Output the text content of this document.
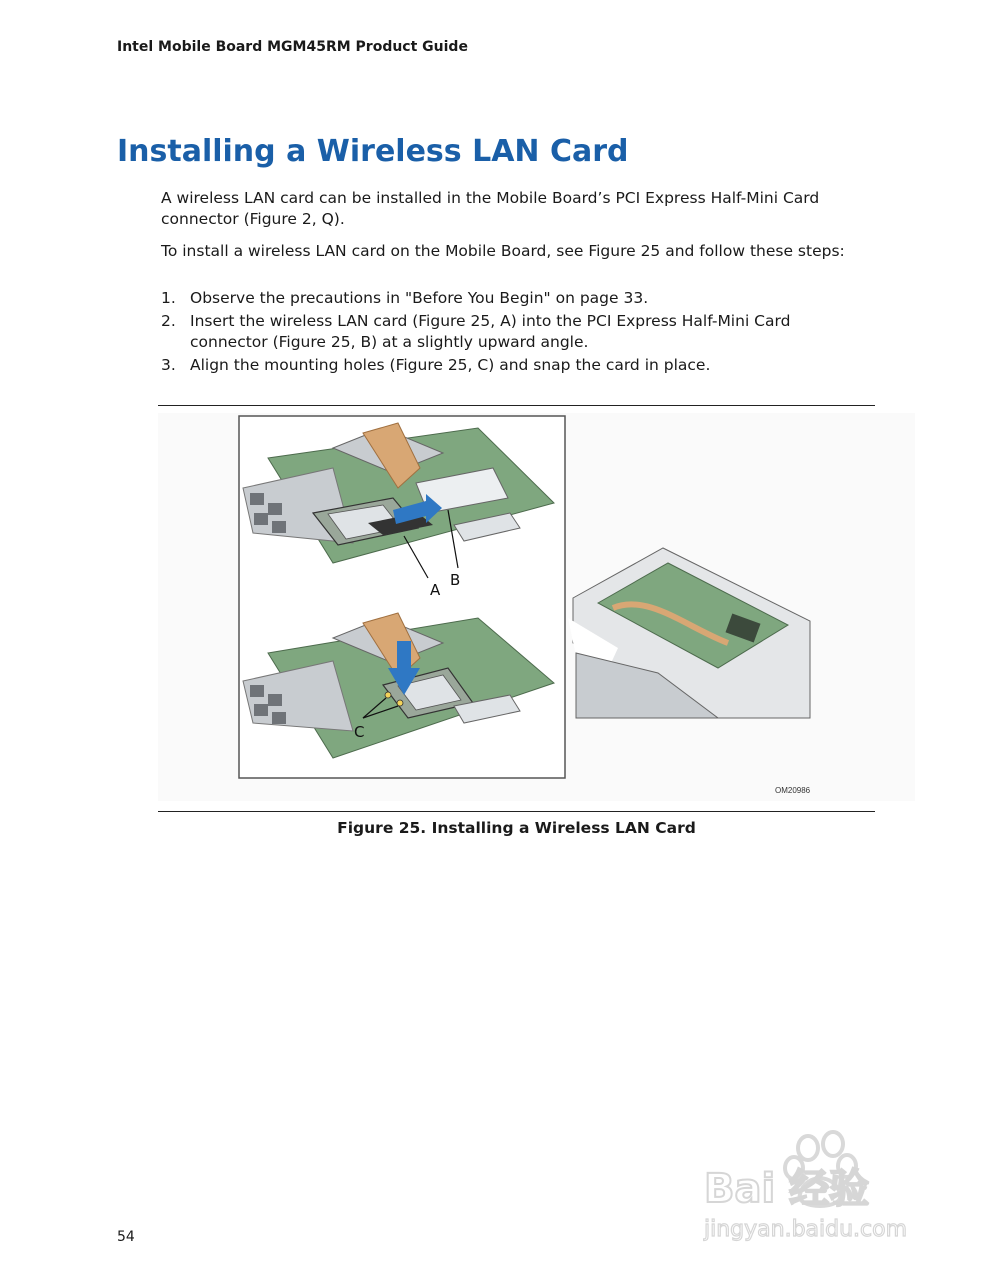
Intel Mobile Board MGM45RM Product Guide
Installing a Wireless LAN Card

A wireless LAN card can be installed in the Mobile Board’s PCI Express Half-Mini Card connector (Figure 2, Q).

To install a wireless LAN card on the Mobile Board, see Figure 25 and follow these steps:

1. Observe the precautions in "Before You Begin" on page 33.
2. Insert the wireless LAN card (Figure 25, A) into the PCI Express Half-Mini Card connector (Figure 25, B) at a slightly upward angle.
3. Align the mounting holes (Figure 25, C) and snap the card in place.
A
B
C
OM20986
Figure 25. Installing a Wireless LAN Card
54
Bai 经验
jingyan.baidu.com
